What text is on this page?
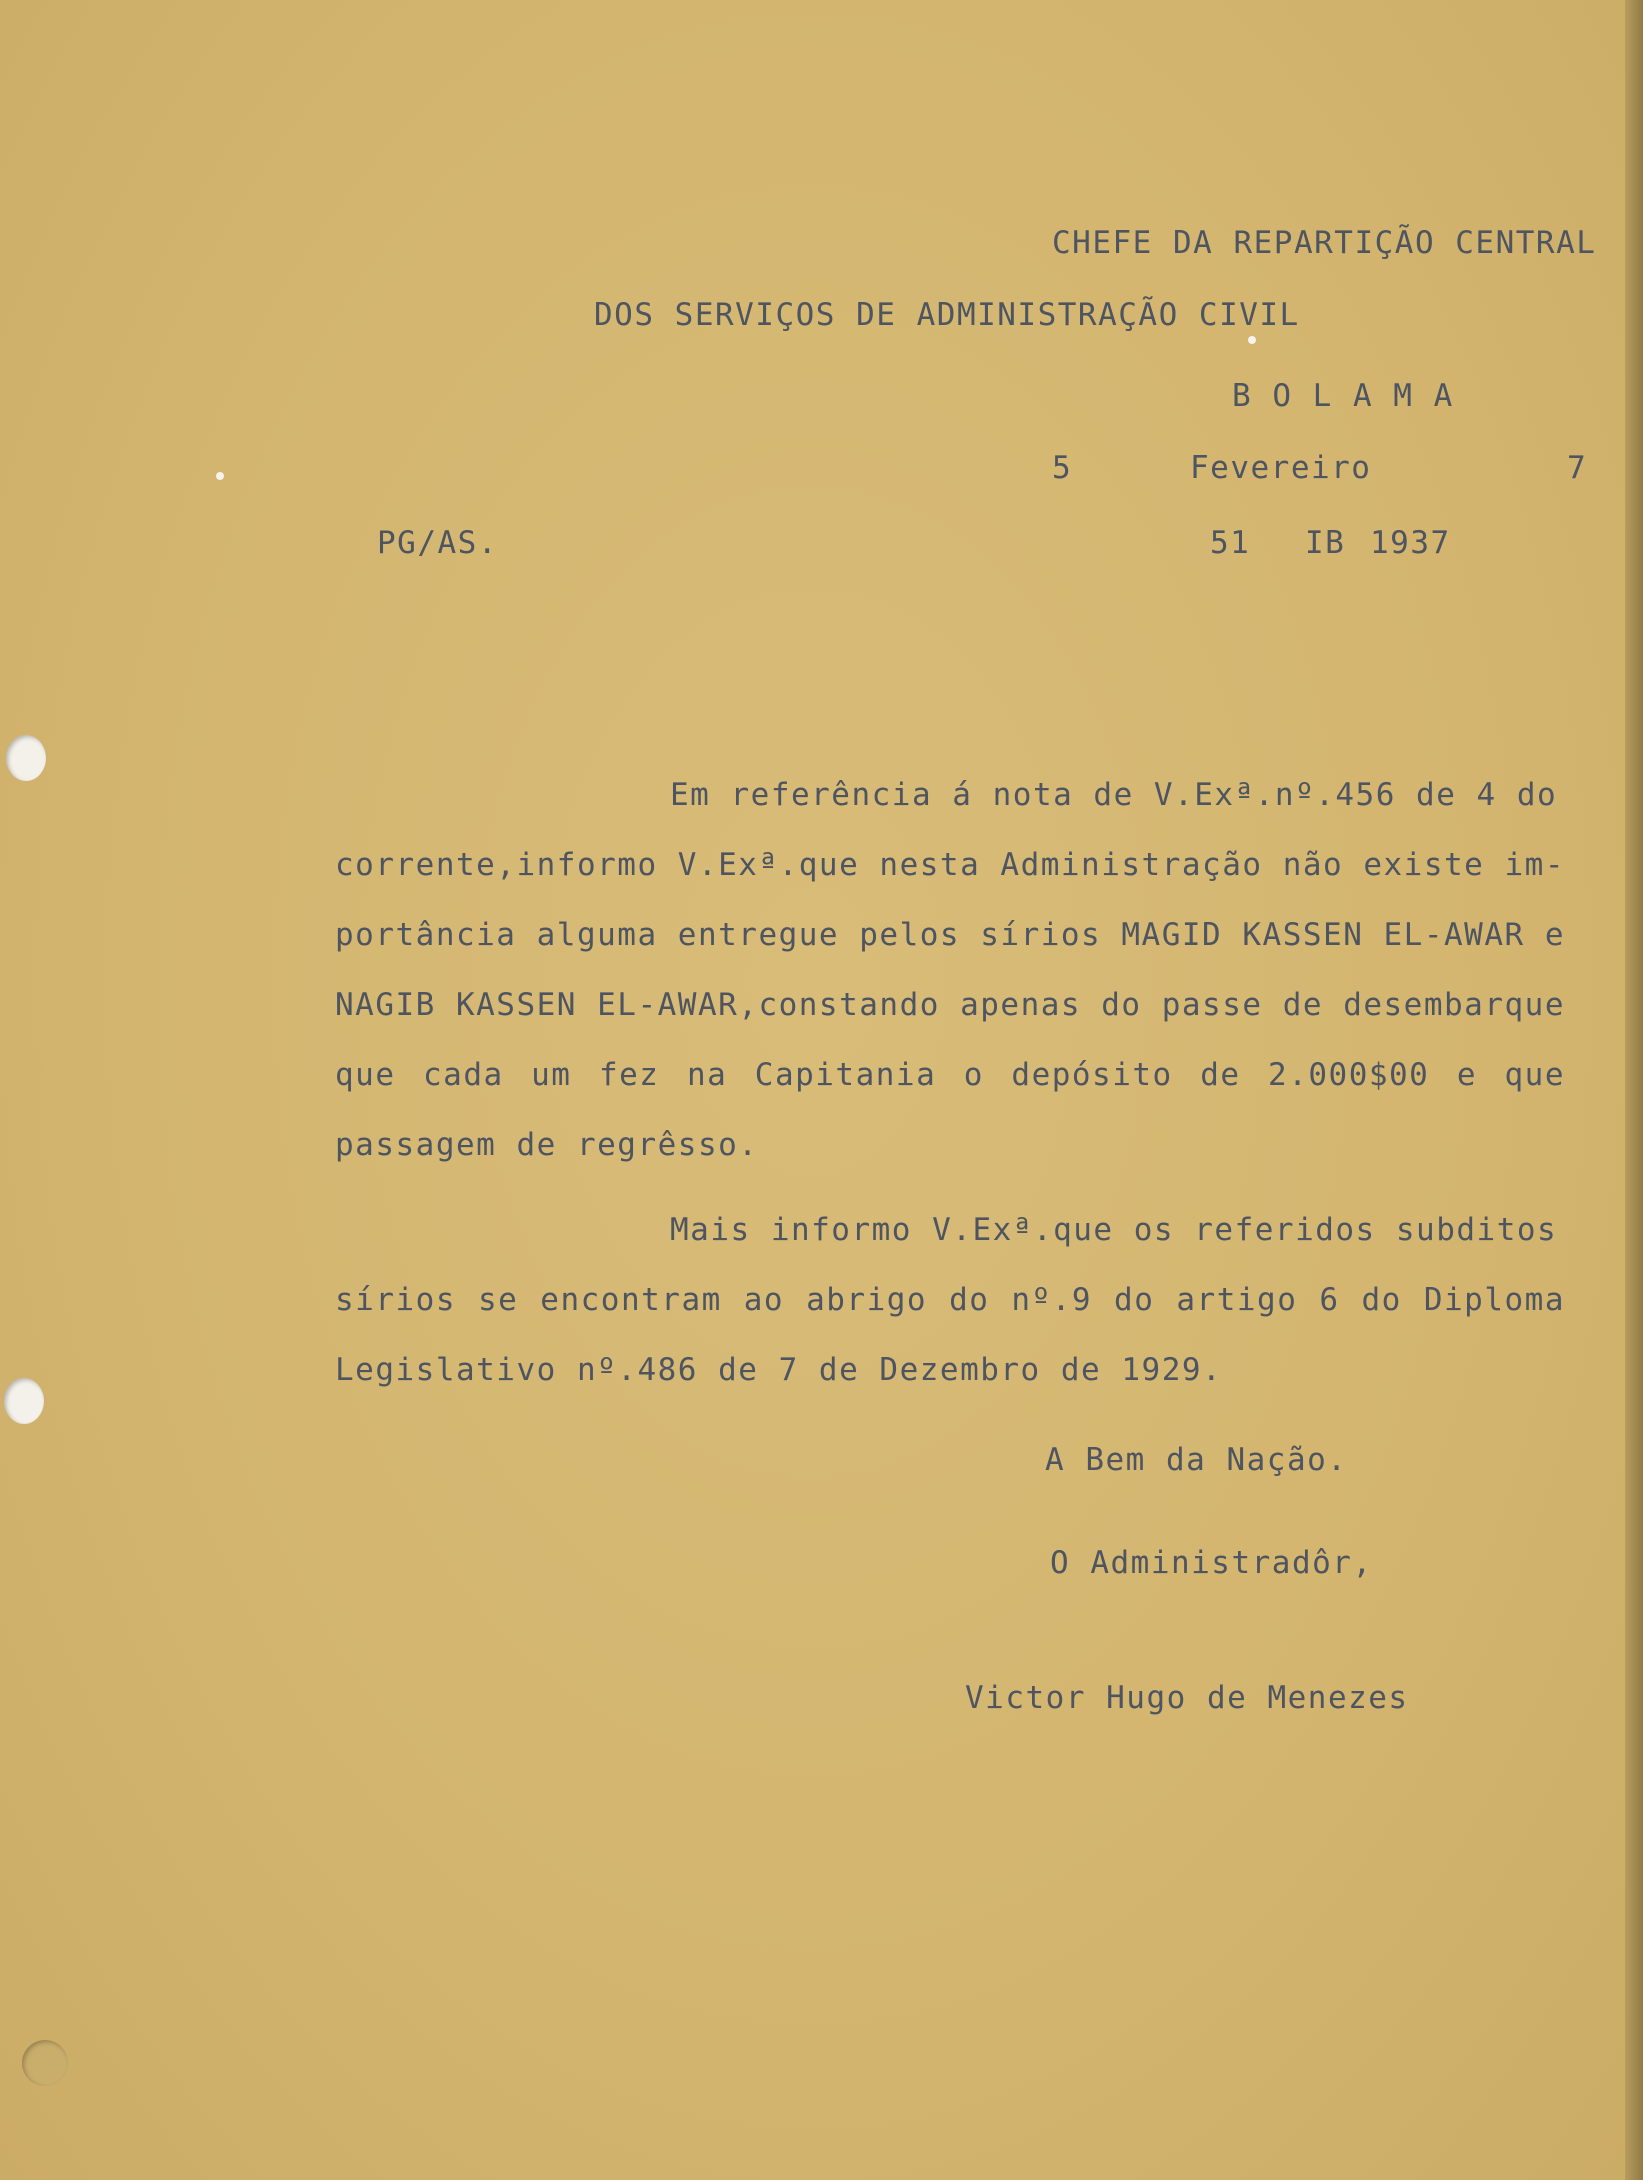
CHEFE DA REPARTIÇÃO CENTRAL
DOS SERVIÇOS DE ADMINISTRAÇÃO CIVIL
B O L A M A
5	Fevereiro	7
PG/AS.	51 IB 1937
Em referência á nota de V.Exª.nº.456 de 4 do
corrente,informo V.Exª.que nesta Administração não existe im-
portância alguma entregue pelos sírios MAGID KASSEN EL-AWAR e
NAGIB KASSEN EL-AWAR,constando apenas do passe de desembarque
que cada um fez na Capitania o depósito de 2.000$00 e que
passagem de regrêsso.
Mais informo V.Exª.que os referidos subditos
sírios se encontram ao abrigo do nº.9 do artigo 6 do Diploma
Legislativo nº.486 de 7 de Dezembro de 1929.
A Bem da Nação.
O Administradôr,
Victor Hugo de Menezes
